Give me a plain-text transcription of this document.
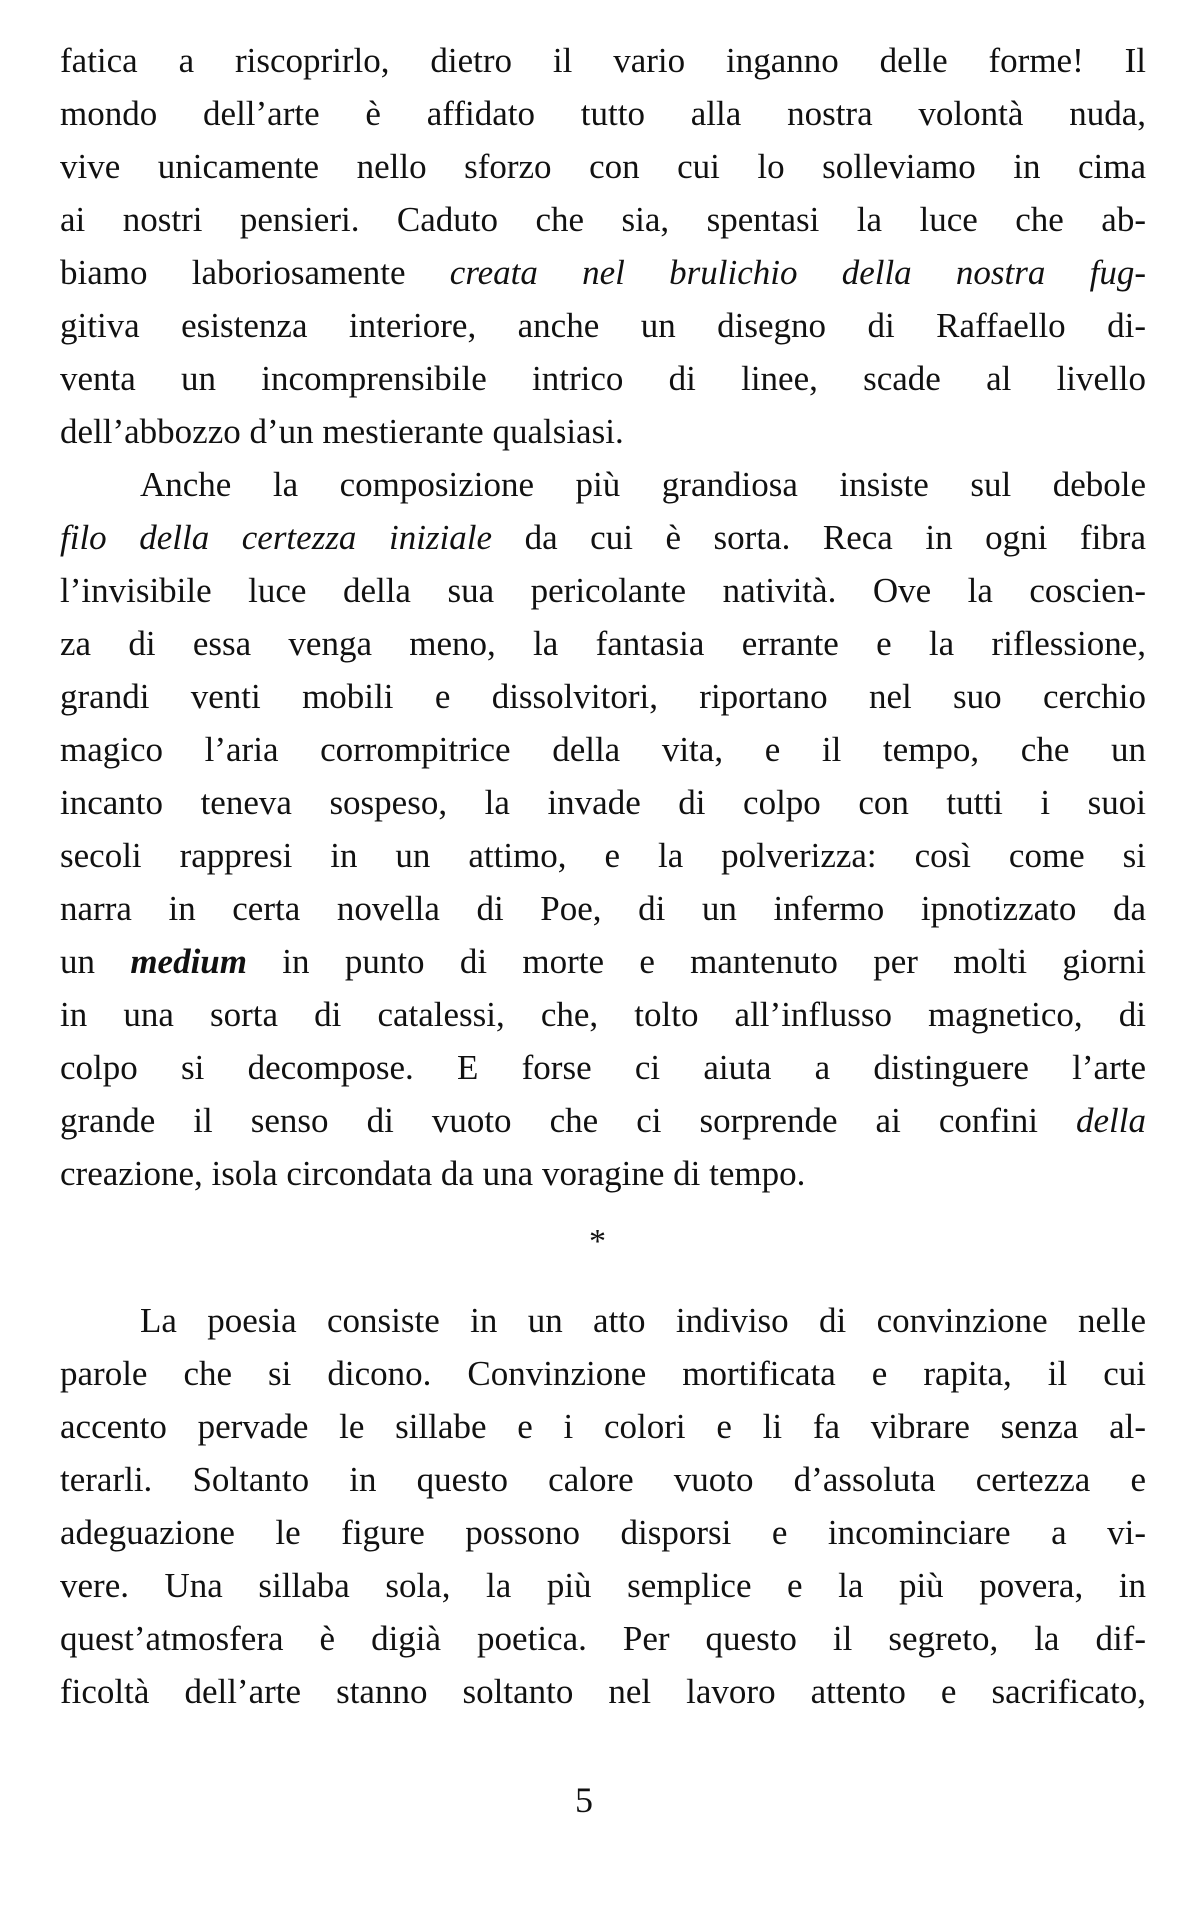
fatica a riscoprirlo, dietro il vario inganno delle forme! Il
mondo dell’arte è affidato tutto alla nostra volontà nuda,
vive unicamente nello sforzo con cui lo solleviamo in cima
ai nostri pensieri. Caduto che sia, spentasi la luce che ab-
biamo laboriosamente creata nel brulichio della nostra fug-
gitiva esistenza interiore, anche un disegno di Raffaello di-
venta un incomprensibile intrico di linee, scade al livello
dell’abbozzo d’un mestierante qualsiasi.
Anche la composizione più grandiosa insiste sul debole
filo della certezza iniziale da cui è sorta. Reca in ogni fibra
l’invisibile luce della sua pericolante natività. Ove la coscien-
za di essa venga meno, la fantasia errante e la riflessione,
grandi venti mobili e dissolvitori, riportano nel suo cerchio
magico l’aria corrompitrice della vita, e il tempo, che un
incanto teneva sospeso, la invade di colpo con tutti i suoi
secoli rappresi in un attimo, e la polverizza: così come si
narra in certa novella di Poe, di un infermo ipnotizzato da
un medium in punto di morte e mantenuto per molti giorni
in una sorta di catalessi, che, tolto all’influsso magnetico, di
colpo si decompose. E forse ci aiuta a distinguere l’arte
grande il senso di vuoto che ci sorprende ai confini della
creazione, isola circondata da una voragine di tempo.
*
La poesia consiste in un atto indiviso di convinzione nelle
parole che si dicono. Convinzione mortificata e rapita, il cui
accento pervade le sillabe e i colori e li fa vibrare senza al-
terarli. Soltanto in questo calore vuoto d’assoluta certezza e
adeguazione le figure possono disporsi e incominciare a vi-
vere. Una sillaba sola, la più semplice e la più povera, in
quest’atmosfera è digià poetica. Per questo il segreto, la dif-
ficoltà dell’arte stanno soltanto nel lavoro attento e sacrificato,
5
